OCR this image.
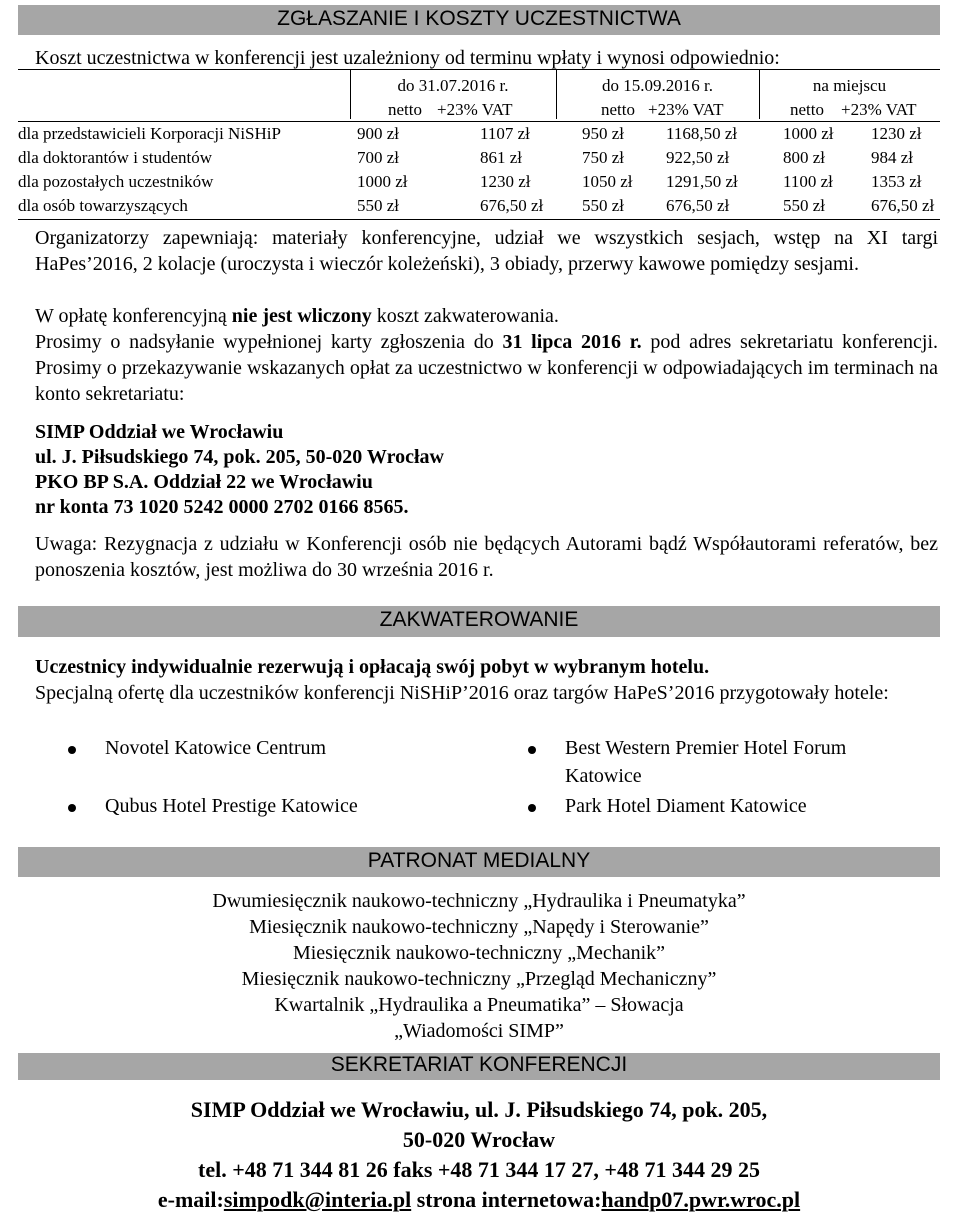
ZGŁASZANIE I KOSZTY UCZESTNICTWA
Koszt uczestnictwa w konferencji jest uzależniony od terminu wpłaty i wynosi odpowiednio:
do 31.07.2016 r.	do 15.09.2016 r.	na miejscu
netto +23% VAT	netto +23% VAT	netto +23% VAT
dla przedstawicieli Korporacji NiSHiP	900 zł	1107 zł	950 zł 1168,50 zł	1000 zł 1230 zł
dla doktorantów i studentów	700 zł	861 zł	750 zł 922,50 zł	800 zł	984 zł
dla pozostałych uczestników	1000 zł	1230 zł	1050 zł 1291,50 zł	1100 zł 1353 zł
dla osób towarzyszących	550 zł	676,50 zł 550 zł 676,50 zł	550 zł	676,50 zł
Organizatorzy zapewniają: materiały konferencyjne, udział we wszystkich sesjach, wstęp na XI targi HaPes’2016, 2 kolacje (uroczysta i wieczór koleżeński), 3 obiady, przerwy kawowe pomiędzy sesjami.
W opłatę konferencyjną nie jest wliczony koszt zakwaterowania.
Prosimy o nadsyłanie wypełnionej karty zgłoszenia do 31 lipca 2016 r. pod adres sekretariatu konferencji. Prosimy o przekazywanie wskazanych opłat za uczestnictwo w konferencji w odpowiadających im terminach na konto sekretariatu:
SIMP Oddział we Wrocławiu
ul. J. Piłsudskiego 74, pok. 205, 50-020 Wrocław
PKO BP S.A. Oddział 22 we Wrocławiu
nr konta 73 1020 5242 0000 2702 0166 8565.
Uwaga: Rezygnacja z udziału w Konferencji osób nie będących Autorami bądź Współautorami referatów, bez ponoszenia kosztów, jest możliwa do 30 września 2016 r.
ZAKWATEROWANIE
Uczestnicy indywidualnie rezerwują i opłacają swój pobyt w wybranym hotelu.
Specjalną ofertę dla uczestników konferencji NiSHiP’2016 oraz targów HaPeS’2016 przygotowały hotele:
Novotel Katowice Centrum	Best Western Premier Hotel Forum
Katowice
Qubus Hotel Prestige Katowice	Park Hotel Diament Katowice
PATRONAT MEDIALNY
Dwumiesięcznik naukowo-techniczny „Hydraulika i Pneumatyka”
Miesięcznik naukowo-techniczny „Napędy i Sterowanie”
Miesięcznik naukowo-techniczny „Mechanik”
Miesięcznik naukowo-techniczny „Przegląd Mechaniczny”
Kwartalnik „Hydraulika a Pneumatika” – Słowacja
„Wiadomości SIMP”
SEKRETARIAT KONFERENCJI
SIMP Oddział we Wrocławiu, ul. J. Piłsudskiego 74, pok. 205,
50-020 Wrocław
tel. +48 71 344 81 26 faks +48 71 344 17 27, +48 71 344 29 25
e-mail:simpodk@interia.pl strona internetowa:handp07.pwr.wroc.pl
